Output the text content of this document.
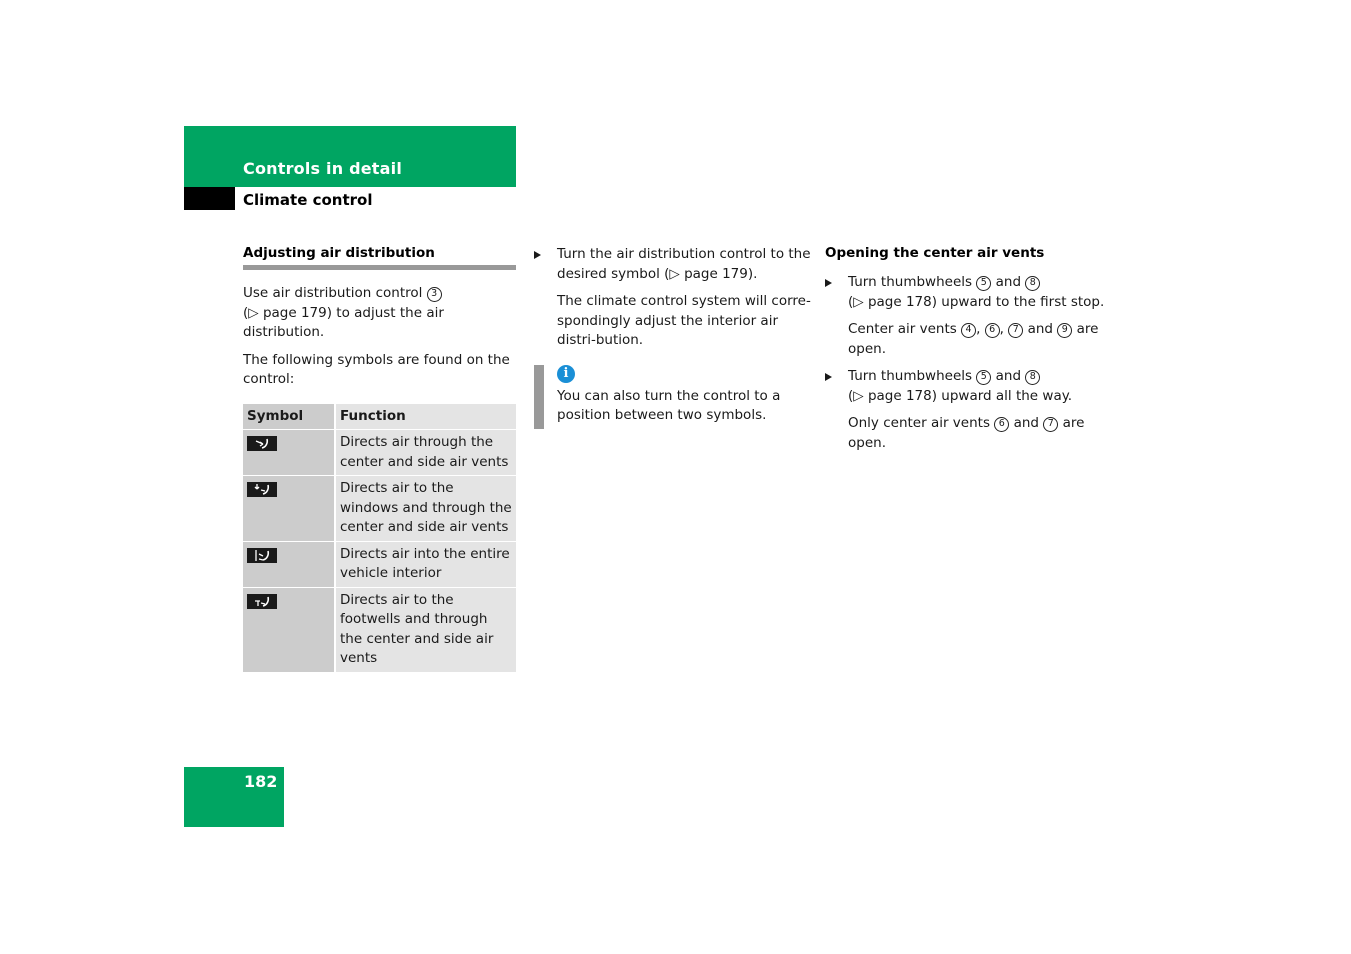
Controls in detail
Climate control
Adjusting air distribution

Use air distribution control 3
(▷ page 179) to adjust the air distribution.

The following symbols are found on the control:

Symbol	Function

	Directs air through the center and side air vents

	Directs air to the windows and through the center and side air vents

	Directs air into the entire vehicle interior

	Directs air to the footwells and through the center and side air vents

Turn the air distribution control to the desired symbol (▷ page 179).

The climate control system will corre-spondingly adjust the interior air distri-bution.

i

You can also turn the control to a position between two symbols.

Opening the center air vents

Turn thumbwheels 5 and 8
(▷ page 178) upward to the first stop.

Center air vents 4 , 6 , 7 and 9 are open.

Turn thumbwheels 5 and 8
(▷ page 178) upward all the way.

Only center air vents 6 and 7 are open.

182
